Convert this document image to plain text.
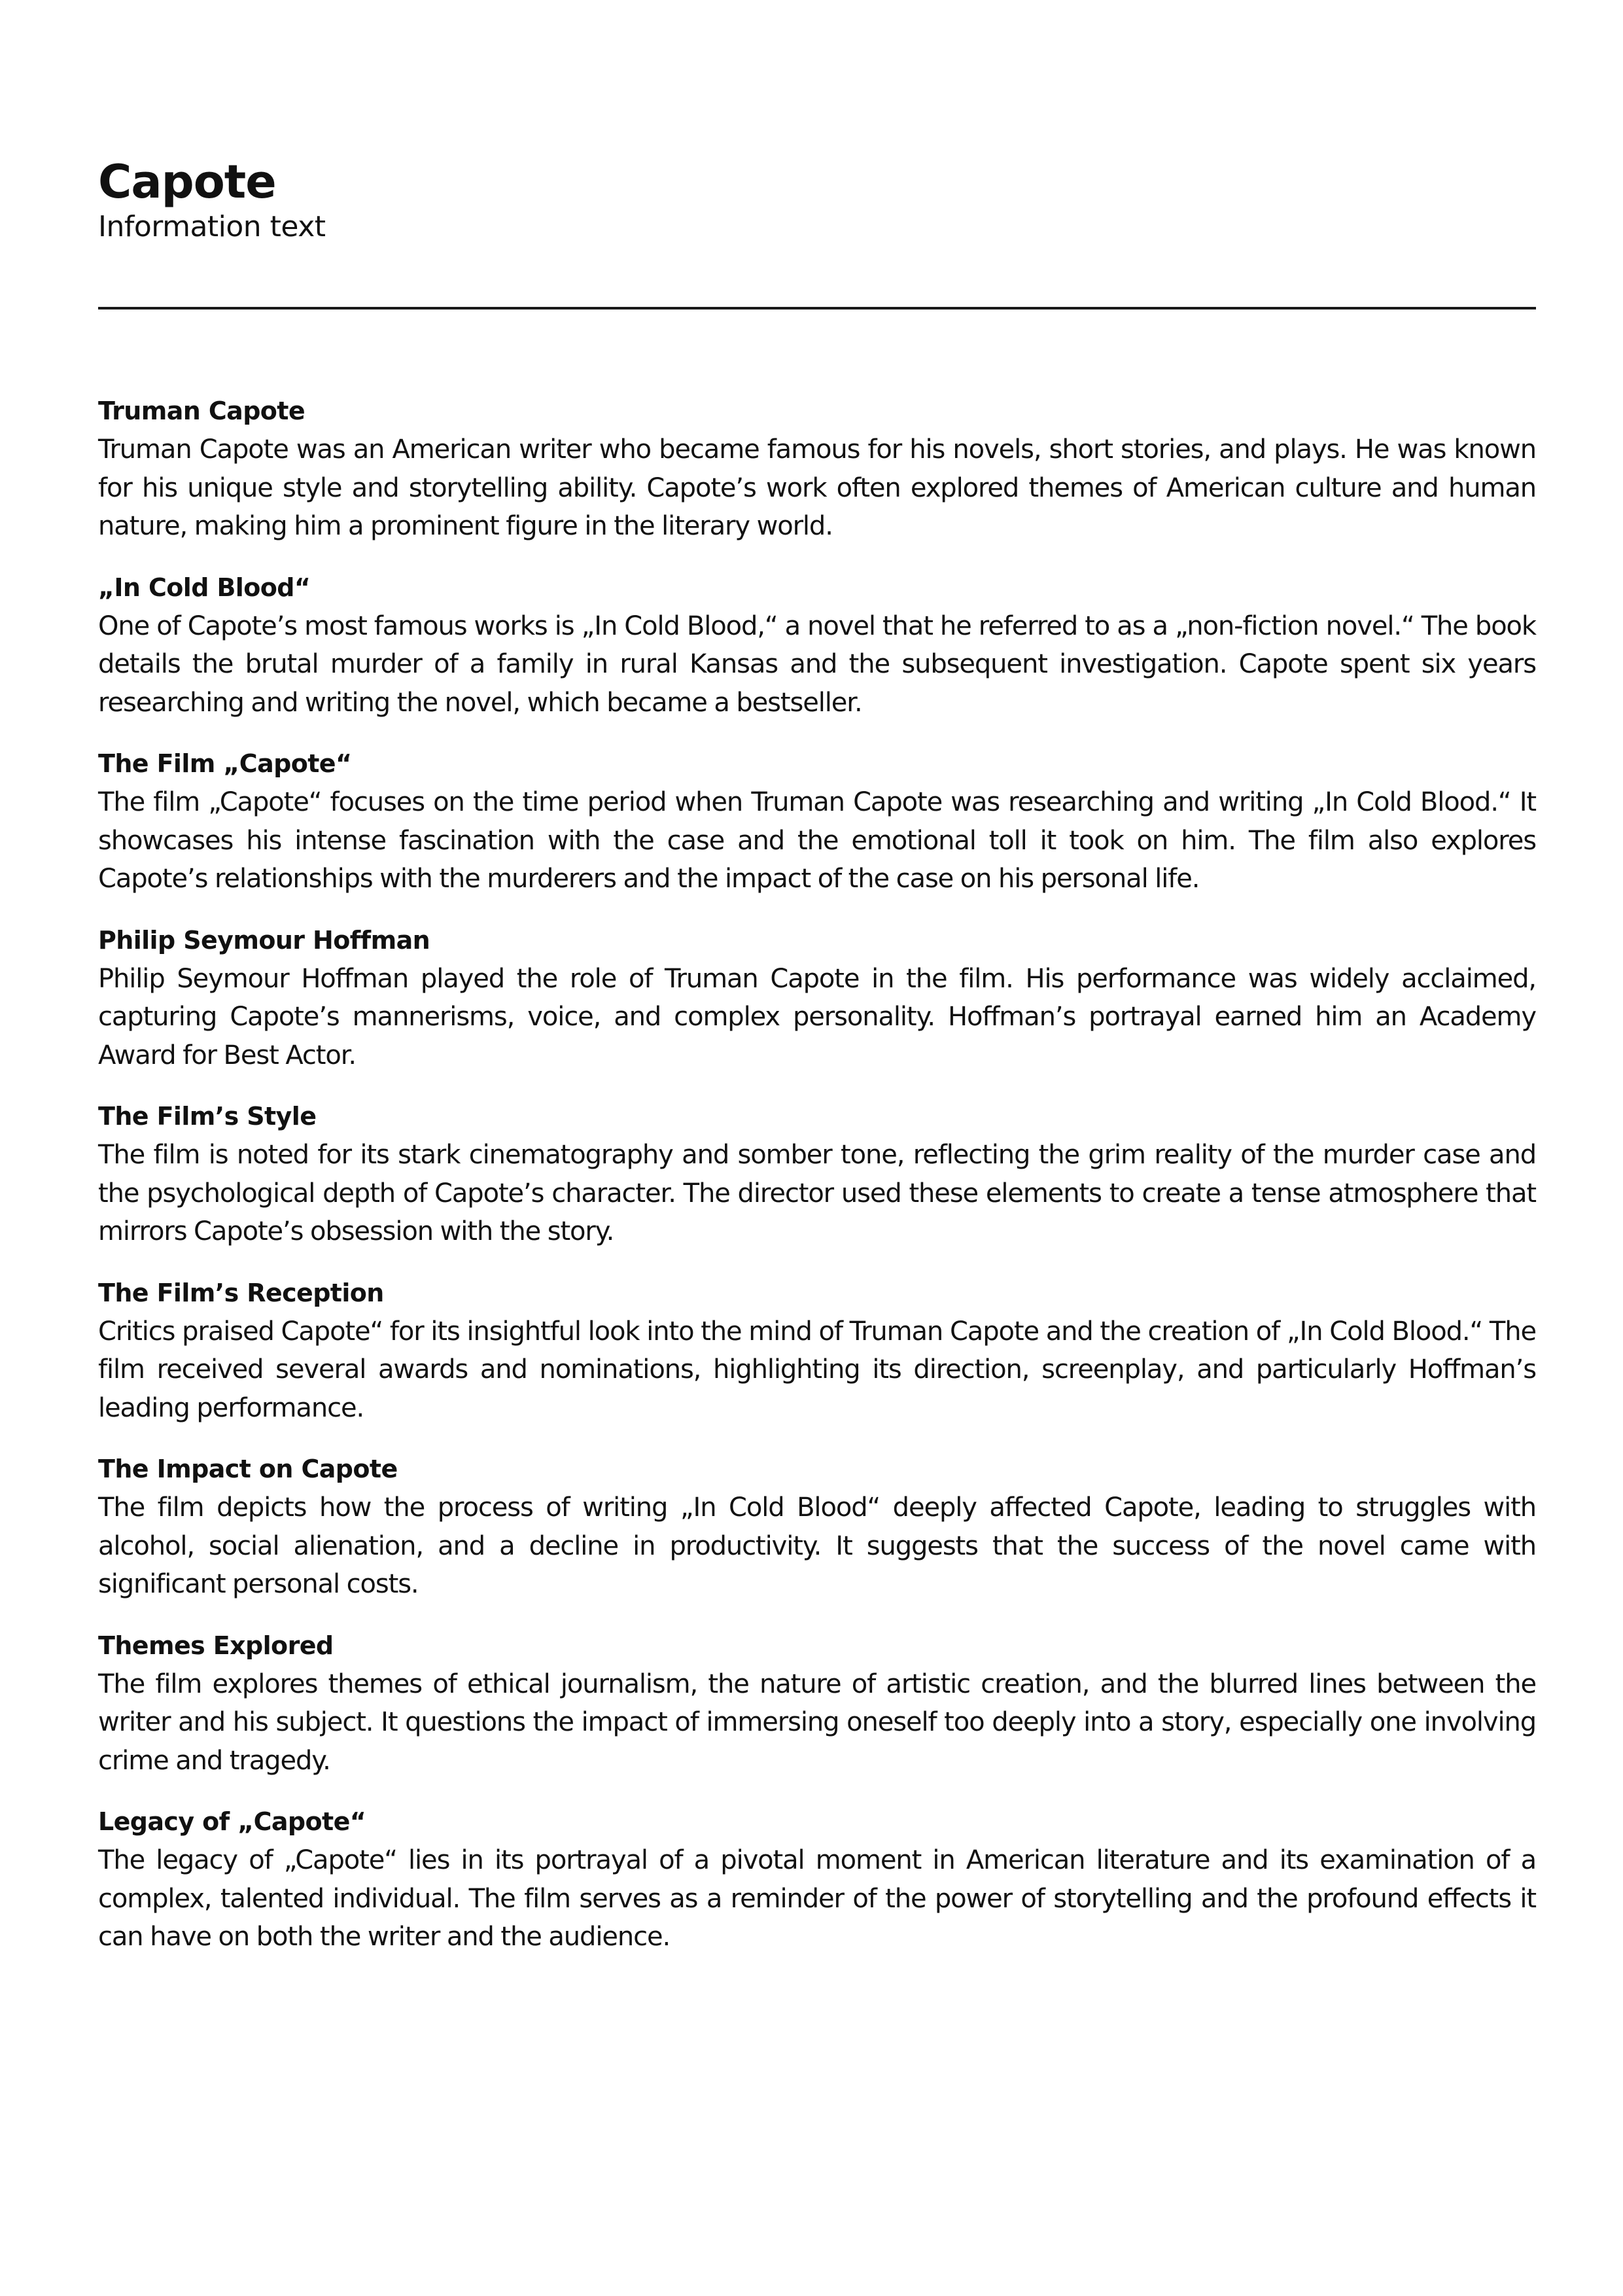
Capote

Information text

Truman Capote

Truman Capote was an American writer who became famous for his novels, short stories, and plays. He was known for his unique style and storytelling ability. Capote’s work often explored themes of American culture and human nature, making him a prominent figure in the literary world.

„In Cold Blood“

One of Capote’s most famous works is „In Cold Blood,“ a novel that he referred to as a „non-fiction novel.“ The book details the brutal murder of a family in rural Kansas and the subsequent investigation. Capote spent six years researching and writing the novel, which became a bestseller.

The Film „Capote“

The film „Capote“ focuses on the time period when Truman Capote was researching and writing „In Cold Blood.“ It showcases his intense fascination with the case and the emotional toll it took on him. The film also explores Capote’s relationships with the murderers and the impact of the case on his personal life.

Philip Seymour Hoffman

Philip Seymour Hoffman played the role of Truman Capote in the film. His performance was widely acclaimed, capturing Capote’s mannerisms, voice, and complex personality. Hoffman’s portrayal earned him an Academy Award for Best Actor.

The Film’s Style

The film is noted for its stark cinematography and somber tone, reflecting the grim reality of the murder case and the psychological depth of Capote’s character. The director used these elements to create a tense atmosphere that mirrors Capote’s obsession with the story.

The Film’s Reception

Critics praised Capote“ for its insightful look into the mind of Truman Capote and the creation of „In Cold Blood.“ The film received several awards and nominations, highlighting its direction, screenplay, and particularly Hoffman’s leading performance.

The Impact on Capote

The film depicts how the process of writing „In Cold Blood“ deeply affected Capote, leading to struggles with alcohol, social alienation, and a decline in productivity. It suggests that the success of the novel came with significant personal costs.

Themes Explored

The film explores themes of ethical journalism, the nature of artistic creation, and the blurred lines between the writer and his subject. It questions the impact of immersing oneself too deeply into a story, especially one involving crime and tragedy.

Legacy of „Capote“

The legacy of „Capote“ lies in its portrayal of a pivotal moment in American literature and its examination of a complex, talented individual. The film serves as a reminder of the power of storytelling and the profound effects it can have on both the writer and the audience.
